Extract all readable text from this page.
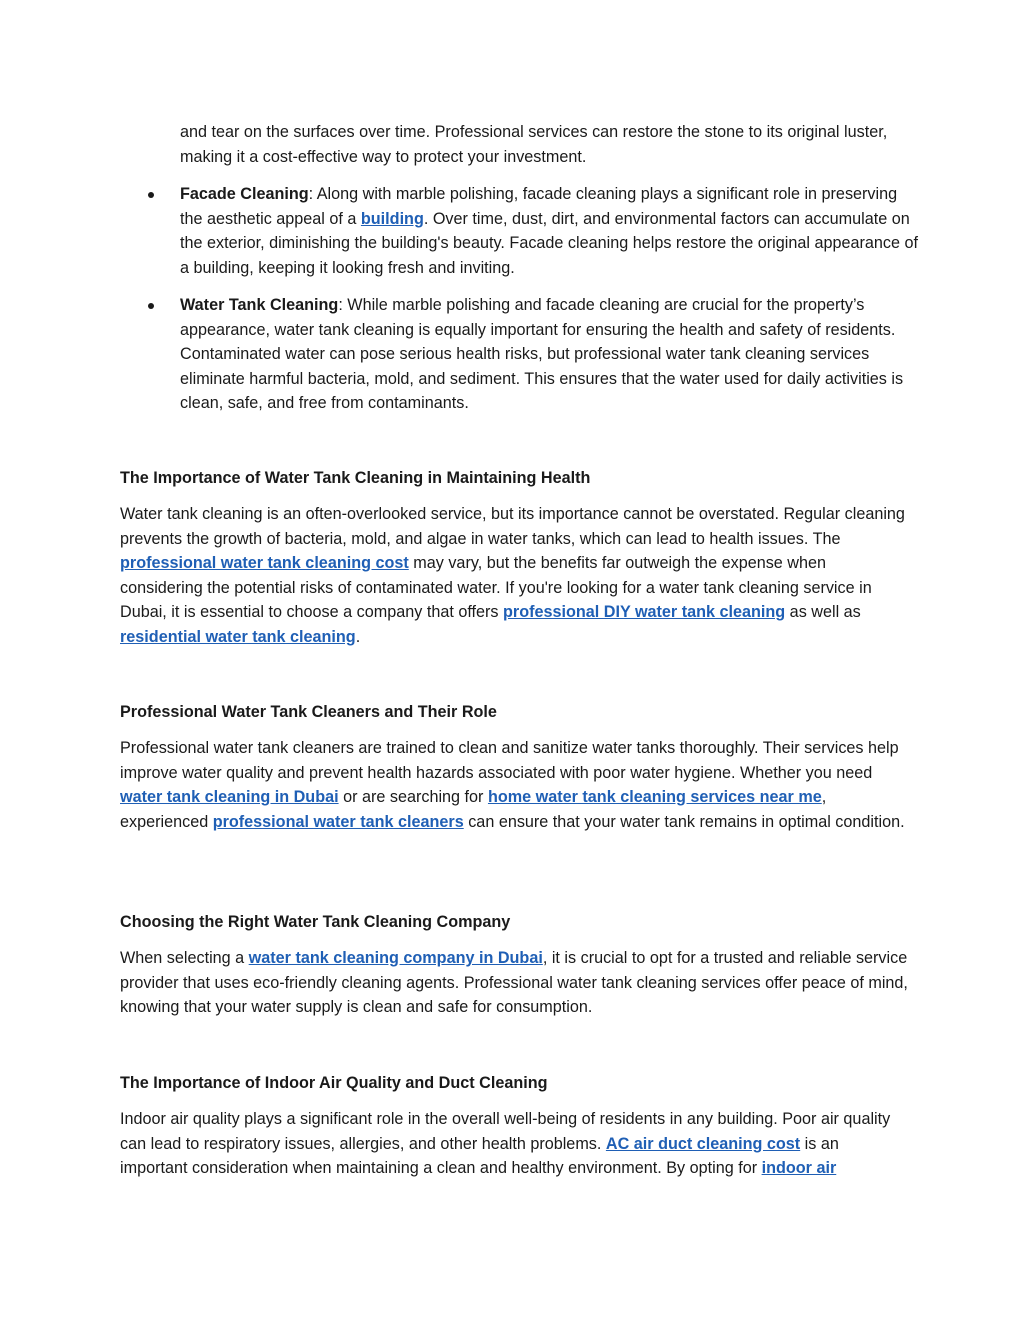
and tear on the surfaces over time. Professional services can restore the stone to its original luster, making it a cost-effective way to protect your investment.
Facade Cleaning: Along with marble polishing, facade cleaning plays a significant role in preserving the aesthetic appeal of a building. Over time, dust, dirt, and environmental factors can accumulate on the exterior, diminishing the building's beauty. Facade cleaning helps restore the original appearance of a building, keeping it looking fresh and inviting.
Water Tank Cleaning: While marble polishing and facade cleaning are crucial for the property’s appearance, water tank cleaning is equally important for ensuring the health and safety of residents. Contaminated water can pose serious health risks, but professional water tank cleaning services eliminate harmful bacteria, mold, and sediment. This ensures that the water used for daily activities is clean, safe, and free from contaminants.
The Importance of Water Tank Cleaning in Maintaining Health

Water tank cleaning is an often-overlooked service, but its importance cannot be overstated. Regular cleaning prevents the growth of bacteria, mold, and algae in water tanks, which can lead to health issues. The professional water tank cleaning cost may vary, but the benefits far outweigh the expense when considering the potential risks of contaminated water. If you're looking for a water tank cleaning service in Dubai, it is essential to choose a company that offers professional DIY water tank cleaning as well as residential water tank cleaning.

Professional Water Tank Cleaners and Their Role

Professional water tank cleaners are trained to clean and sanitize water tanks thoroughly. Their services help improve water quality and prevent health hazards associated with poor water hygiene. Whether you need water tank cleaning in Dubai or are searching for home water tank cleaning services near me, experienced professional water tank cleaners can ensure that your water tank remains in optimal condition.

Choosing the Right Water Tank Cleaning Company

When selecting a water tank cleaning company in Dubai, it is crucial to opt for a trusted and reliable service provider that uses eco-friendly cleaning agents. Professional water tank cleaning services offer peace of mind, knowing that your water supply is clean and safe for consumption.

The Importance of Indoor Air Quality and Duct Cleaning

Indoor air quality plays a significant role in the overall well-being of residents in any building. Poor air quality can lead to respiratory issues, allergies, and other health problems. AC air duct cleaning cost is an important consideration when maintaining a clean and healthy environment. By opting for indoor air
